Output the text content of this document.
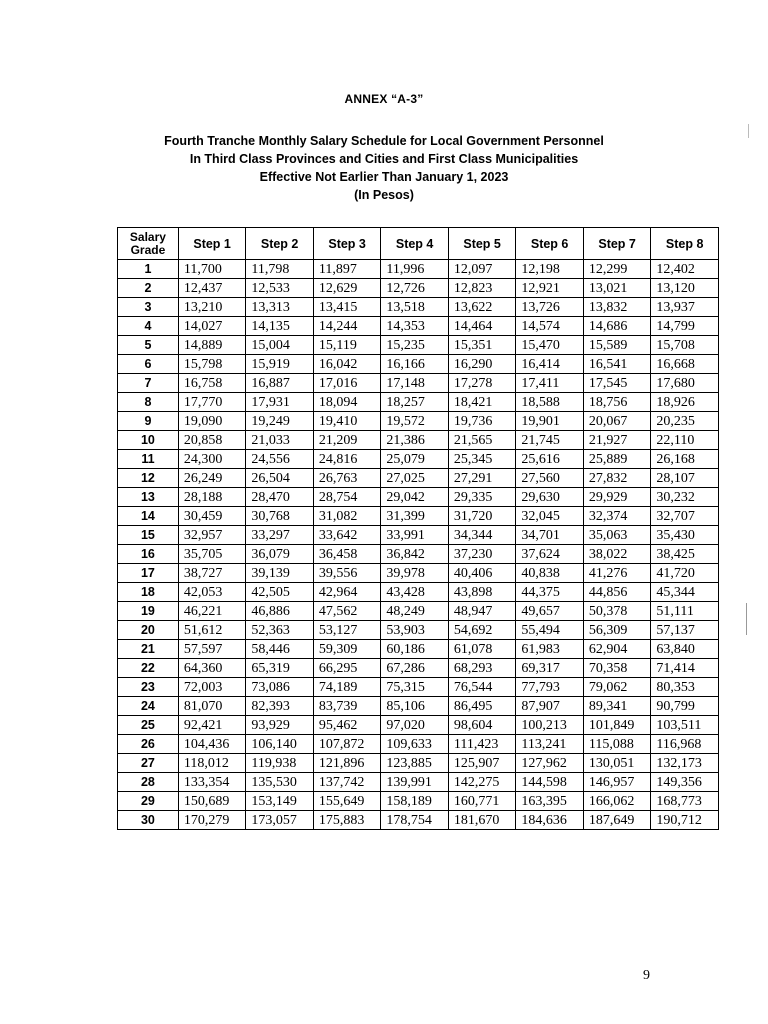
ANNEX “A-3”
Fourth Tranche Monthly Salary Schedule for Local Government Personnel
In Third Class Provinces and Cities and First Class Municipalities
Effective Not Earlier Than January 1, 2023
(In Pesos)
Salary
Grade	Step 1	Step 2	Step 3	Step 4	Step 5	Step 6	Step 7	Step 8
1	11,700	11,798	11,897	11,996	12,097	12,198	12,299	12,402
2	12,437	12,533	12,629	12,726	12,823	12,921	13,021	13,120
3	13,210	13,313	13,415	13,518	13,622	13,726	13,832	13,937
4	14,027	14,135	14,244	14,353	14,464	14,574	14,686	14,799
5	14,889	15,004	15,119	15,235	15,351	15,470	15,589	15,708
6	15,798	15,919	16,042	16,166	16,290	16,414	16,541	16,668
7	16,758	16,887	17,016	17,148	17,278	17,411	17,545	17,680
8	17,770	17,931	18,094	18,257	18,421	18,588	18,756	18,926
9	19,090	19,249	19,410	19,572	19,736	19,901	20,067	20,235
10	20,858	21,033	21,209	21,386	21,565	21,745	21,927	22,110
11	24,300	24,556	24,816	25,079	25,345	25,616	25,889	26,168
12	26,249	26,504	26,763	27,025	27,291	27,560	27,832	28,107
13	28,188	28,470	28,754	29,042	29,335	29,630	29,929	30,232
14	30,459	30,768	31,082	31,399	31,720	32,045	32,374	32,707
15	32,957	33,297	33,642	33,991	34,344	34,701	35,063	35,430
16	35,705	36,079	36,458	36,842	37,230	37,624	38,022	38,425
17	38,727	39,139	39,556	39,978	40,406	40,838	41,276	41,720
18	42,053	42,505	42,964	43,428	43,898	44,375	44,856	45,344
19	46,221	46,886	47,562	48,249	48,947	49,657	50,378	51,111
20	51,612	52,363	53,127	53,903	54,692	55,494	56,309	57,137
21	57,597	58,446	59,309	60,186	61,078	61,983	62,904	63,840
22	64,360	65,319	66,295	67,286	68,293	69,317	70,358	71,414
23	72,003	73,086	74,189	75,315	76,544	77,793	79,062	80,353
24	81,070	82,393	83,739	85,106	86,495	87,907	89,341	90,799
25	92,421	93,929	95,462	97,020	98,604	100,213	101,849	103,511
26	104,436	106,140	107,872	109,633	111,423	113,241	115,088	116,968
27	118,012	119,938	121,896	123,885	125,907	127,962	130,051	132,173
28	133,354	135,530	137,742	139,991	142,275	144,598	146,957	149,356
29	150,689	153,149	155,649	158,189	160,771	163,395	166,062	168,773
30	170,279	173,057	175,883	178,754	181,670	184,636	187,649	190,712
9
